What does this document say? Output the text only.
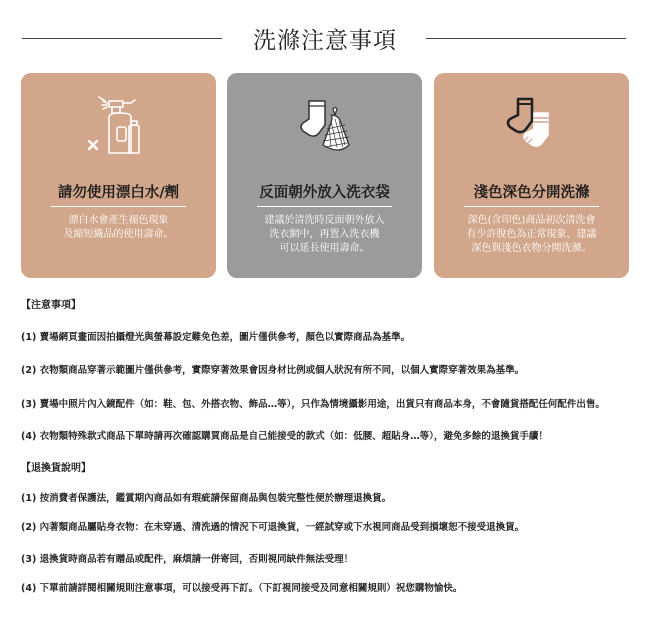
洗滌注意事項
請勿使用漂白水/劑
漂白水會產生褪色現象
及縮短織品的使用壽命。
反面朝外放入洗衣袋
建議於清洗時反面朝外放入
洗衣網中，再置入洗衣機
可以延長使用壽命。
淺色深色分開洗滌
深色(含印色)商品初次清洗會
有少許脫色為正常現象，建議
深色與淺色衣物分開洗滌。
【注意事項】
(1) 賣場網頁畫面因拍攝燈光與螢幕設定難免色差，圖片僅供參考，顏色以實際商品為基準。
(2) 衣物類商品穿著示範圖片僅供參考，實際穿著效果會因身材比例或個人狀況有所不同，以個人實際穿著效果為基準。
(3) 賣場中照片內入鏡配件（如：鞋、包、外搭衣物、飾品…等），只作為情境攝影用途，出貨只有商品本身，不會隨貨搭配任何配件出售。
(4) 衣物類特殊款式商品下單時請再次確認購買商品是自己能接受的款式（如：低腰、超貼身…等），避免多餘的退換貨手續！
【退換貨說明】
(1) 按消費者保護法，鑑賞期內商品如有瑕疵請保留商品與包裝完整性便於辦理退換貨。
(2) 內著類商品屬貼身衣物：在未穿過、清洗過的情況下可退換貨，一經試穿或下水視同商品受到損壞恕不接受退換貨。
(3) 退換貨時商品若有贈品或配件，麻煩請一併寄回，否則視同缺件無法受理！
(4) 下單前請詳閱相關規則注意事項，可以接受再下訂。（下訂視同接受及同意相關規則）祝您購物愉快。
